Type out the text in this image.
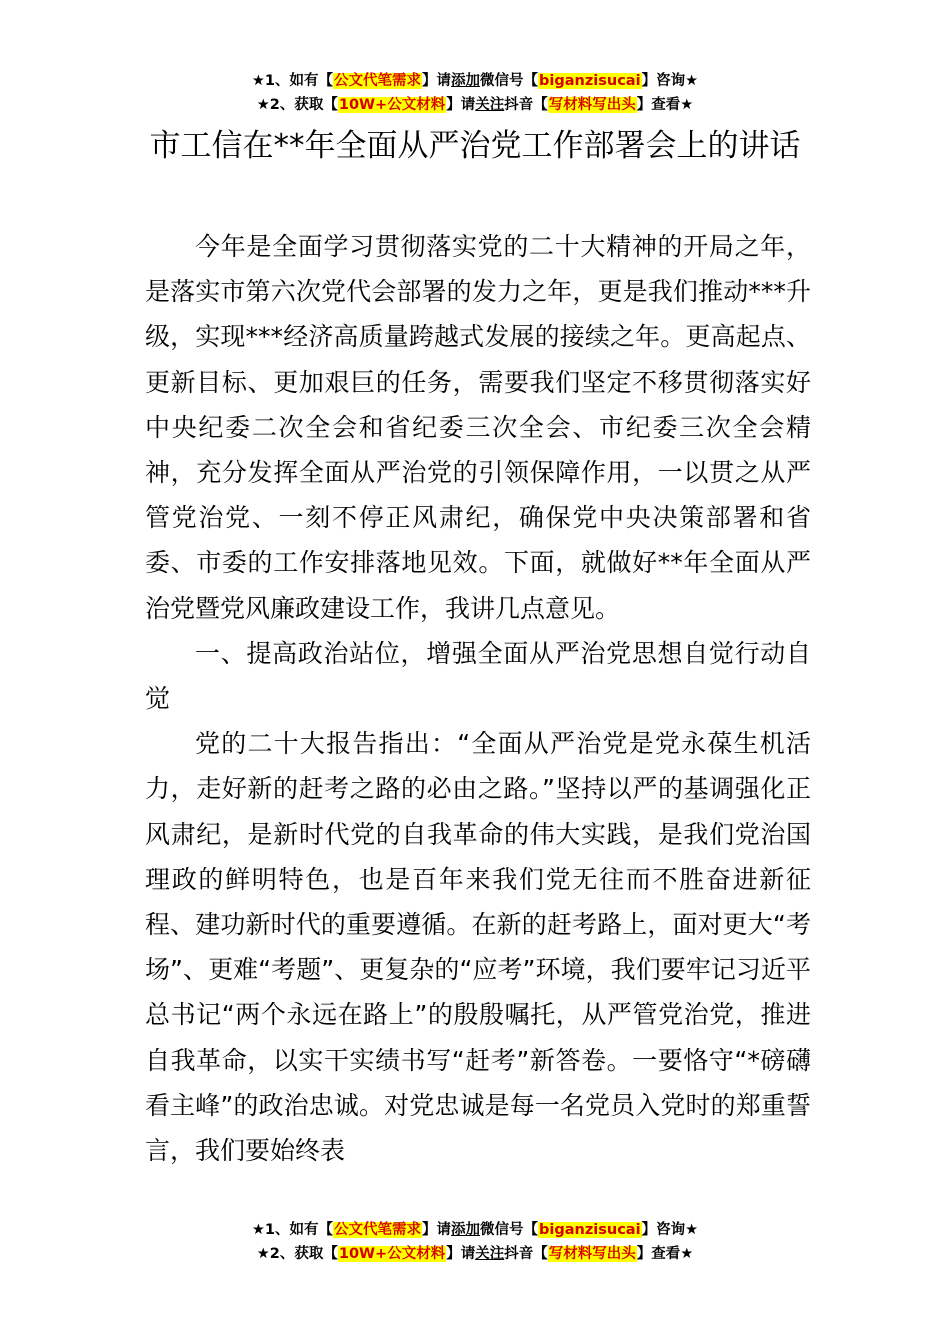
★1、如有【公文代笔需求】请添加微信号【biganzisucai】咨询★
★2、获取【10W+公文材料】请关注抖音【写材料写出头】查看★
市工信在**年全面从严治党工作部署会上的讲话

今年是全面学习贯彻落实党的二十大精神的开局之年，是落实市第六次党代会部署的发力之年，更是我们推动***升级，实现***经济高质量跨越式发展的接续之年。更高起点、更新目标、更加艰巨的任务，需要我们坚定不移贯彻落实好中央纪委二次全会和省纪委三次全会、市纪委三次全会精神，充分发挥全面从严治党的引领保障作用，一以贯之从严管党治党、一刻不停正风肃纪，确保党中央决策部署和省委、市委的工作安排落地见效。下面，就做好**年全面从严治党暨党风廉政建设工作，我讲几点意见。

一、提高政治站位，增强全面从严治党思想自觉行动自觉

党的二十大报告指出：“全面从严治党是党永葆生机活力，走好新的赶考之路的必由之路。”坚持以严的基调强化正风肃纪，是新时代党的自我革命的伟大实践，是我们党治国理政的鲜明特色，也是百年来我们党无往而不胜奋进新征程、建功新时代的重要遵循。在新的赶考路上，面对更大“考场”、更难“考题”、更复杂的“应考”环境，我们要牢记习近平总书记“两个永远在路上”的殷殷嘱托，从严管党治党，推进自我革命，以实干实绩书写“赶考”新答卷。一要恪守“*磅礴看主峰”的政治忠诚。对党忠诚是每一名党员入党时的郑重誓言，我们要始终表

★1、如有【公文代笔需求】请添加微信号【biganzisucai】咨询★
★2、获取【10W+公文材料】请关注抖音【写材料写出头】查看★
